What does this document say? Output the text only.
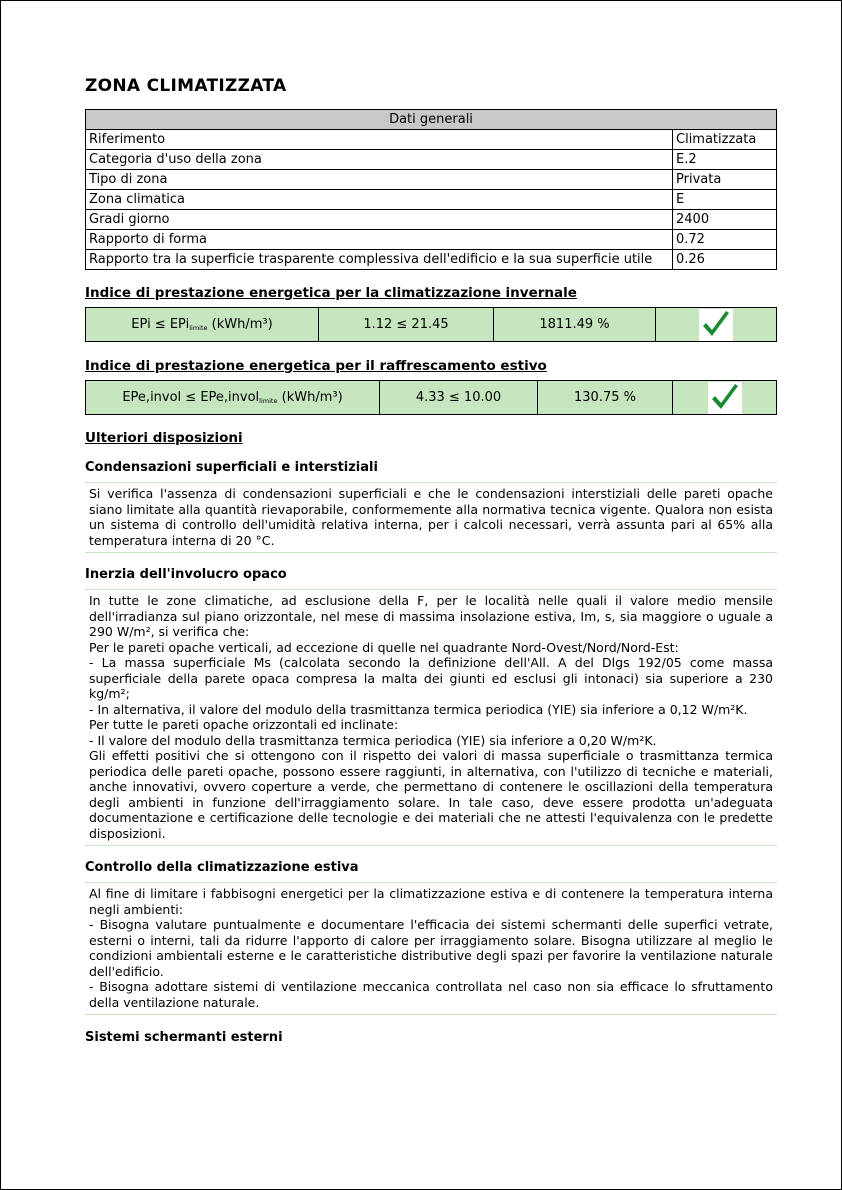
ZONA CLIMATIZZATA
Dati generali	
Riferimento	Climatizzata
Categoria d'uso della zona	E.2
Tipo di zona	Privata
Zona climatica	E
Gradi giorno	2400
Rapporto di forma	0.72
Rapporto tra la superficie trasparente complessiva dell'edificio e la sua superficie utile	0.26
Indice di prestazione energetica per la climatizzazione invernale
EPi ≤ EPi$_{limite}$ (kWh/m³)	1.12 ≤ 21.45	1811.49 %	
Indice di prestazione energetica per il raffrescamento estivo
EPe,invol ≤ EPe,invol$_{limite}$ (kWh/m³)	4.33 ≤ 10.00	130.75 %	
Ulteriori disposizioni
Condensazioni superficiali e interstiziali
Si verifica l'assenza di condensazioni superficiali e che le condensazioni interstiziali delle pareti opache siano limitate alla quantità rievaporabile, conformemente alla normativa tecnica vigente. Qualora non esista un sistema di controllo dell'umidità relativa interna, per i calcoli necessari, verrà assunta pari al 65% alla temperatura interna di 20 °C.
Inerzia dell'involucro opaco
In tutte le zone climatiche, ad esclusione della F, per le località nelle quali il valore medio mensile dell'irradianza sul piano orizzontale, nel mese di massima insolazione estiva, Im, s, sia maggiore o uguale a 290 W/m², si verifica che:
Per le pareti opache verticali, ad eccezione di quelle nel quadrante Nord-Ovest/Nord/Nord-Est:
- La massa superficiale Ms (calcolata secondo la definizione dell'All. A del Dlgs 192/05 come massa superficiale della parete opaca compresa la malta dei giunti ed esclusi gli intonaci) sia superiore a 230 kg/m²;
- In alternativa, il valore del modulo della trasmittanza termica periodica (YIE) sia inferiore a 0,12 W/m²K.
Per tutte le pareti opache orizzontali ed inclinate:
- Il valore del modulo della trasmittanza termica periodica (YIE) sia inferiore a 0,20 W/m²K.
Gli effetti positivi che si ottengono con il rispetto dei valori di massa superficiale o trasmittanza termica periodica delle pareti opache, possono essere raggiunti, in alternativa, con l'utilizzo di tecniche e materiali, anche innovativi, ovvero coperture a verde, che permettano di contenere le oscillazioni della temperatura degli ambienti in funzione dell'irraggiamento solare. In tale caso, deve essere prodotta un'adeguata documentazione e certificazione delle tecnologie e dei materiali che ne attesti l'equivalenza con le predette disposizioni.
Controllo della climatizzazione estiva
Al fine di limitare i fabbisogni energetici per la climatizzazione estiva e di contenere la temperatura interna negli ambienti:
- Bisogna valutare puntualmente e documentare l'efficacia dei sistemi schermanti delle superfici vetrate, esterni o interni, tali da ridurre l'apporto di calore per irraggiamento solare. Bisogna utilizzare al meglio le condizioni ambientali esterne e le caratteristiche distributive degli spazi per favorire la ventilazione naturale dell'edificio.
- Bisogna adottare sistemi di ventilazione meccanica controllata nel caso non sia efficace lo sfruttamento della ventilazione naturale.
Sistemi schermanti esterni
